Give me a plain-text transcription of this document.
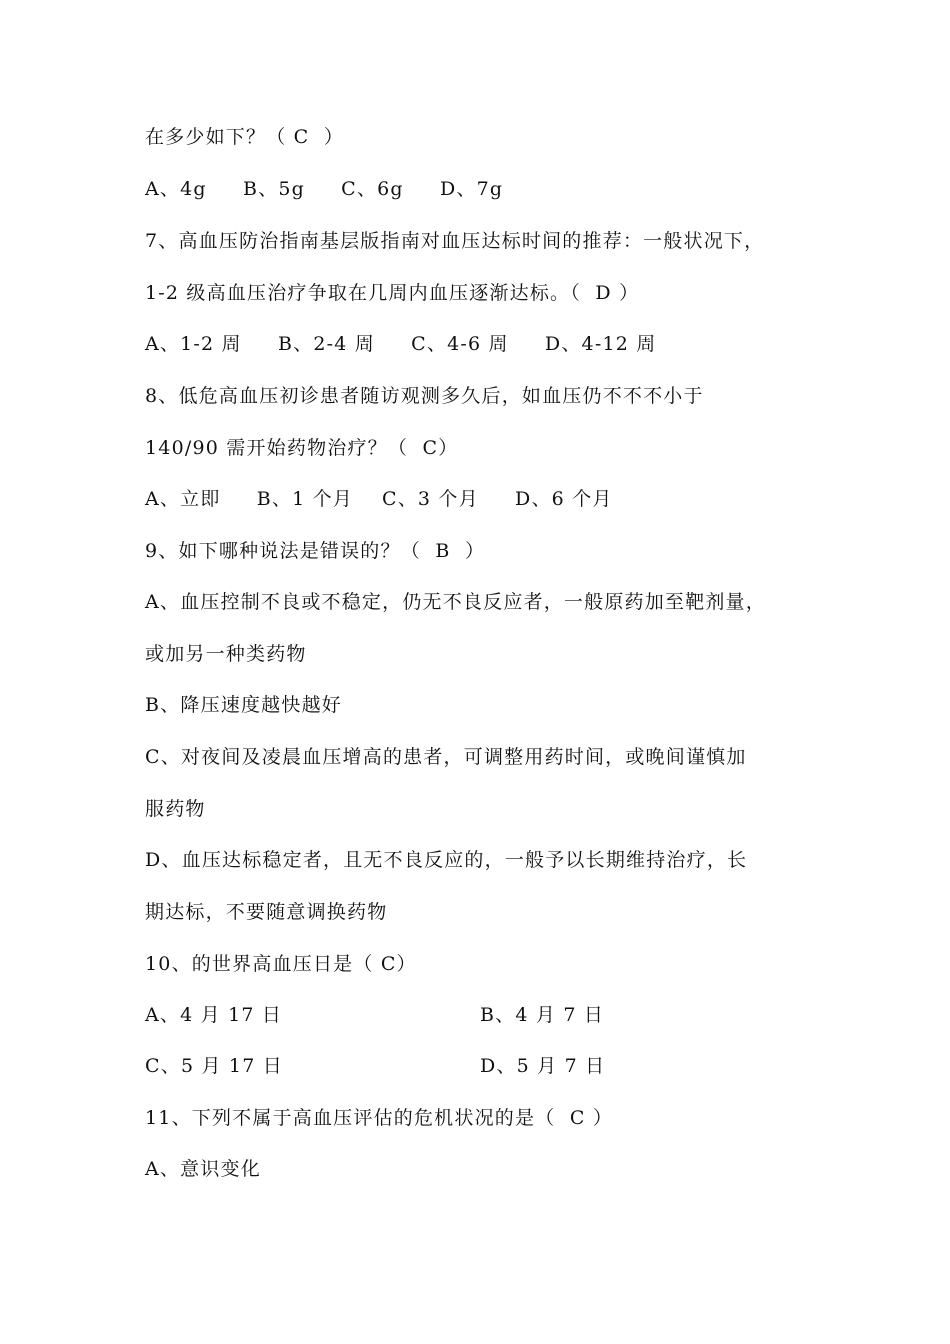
在多少如下？（ C  ）
A、4g     B、5g     C、6g     D、7g
7、高血压防治指南基层版指南对血压达标时间的推荐：一般状况下，
1-2 级高血压治疗争取在几周内血压逐渐达标。（  D ）
A、1-2 周     B、2-4 周     C、4-6 周     D、4-12 周
8、低危高血压初诊患者随访观测多久后，如血压仍不不不小于
140/90 需开始药物治疗？（  C）
A、立即     B、1 个月    C、3 个月     D、6 个月
9、如下哪种说法是错误的？（  B  ）
A、血压控制不良或不稳定，仍无不良反应者，一般原药加至靶剂量，
或加另一种类药物
B、降压速度越快越好
C、对夜间及凌晨血压增高的患者，可调整用药时间，或晚间谨慎加
服药物
D、血压达标稳定者，且无不良反应的，一般予以长期维持治疗，长
期达标，不要随意调换药物
10、的世界高血压日是（ C）
A、4 月 17 日	B、4 月 7 日
C、5 月 17 日	D、5 月 7 日
11、下列不属于高血压评估的危机状况的是（  C ）
A、意识变化
